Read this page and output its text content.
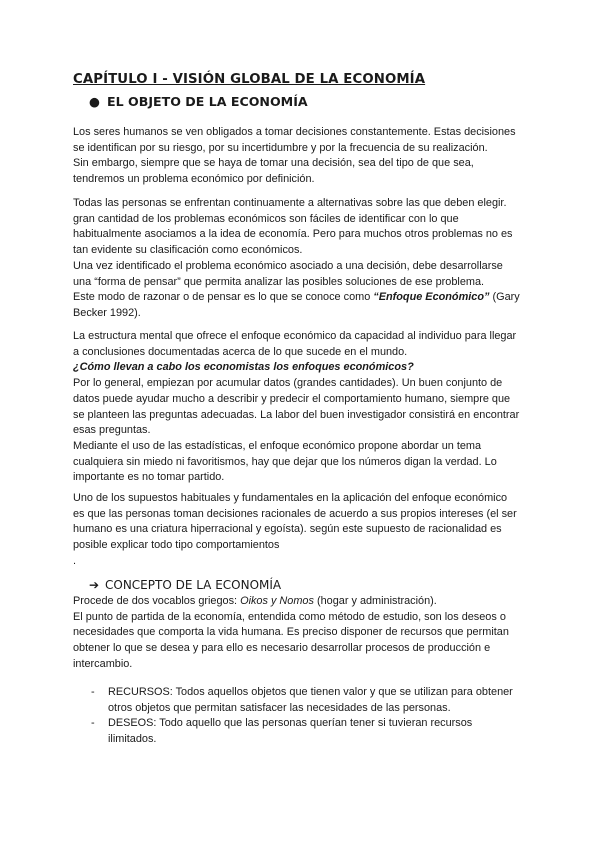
CAPÍTULO I - VISIÓN GLOBAL DE LA ECONOMÍA
● EL OBJETO DE LA ECONOMÍA
Los seres humanos se ven obligados a tomar decisiones constantemente. Estas decisiones
se identifican por su riesgo, por su incertidumbre y por la frecuencia de su realización.
Sin embargo, siempre que se haya de tomar una decisión, sea del tipo de que sea,
tendremos un problema económico por definición.
Todas las personas se enfrentan continuamente a alternativas sobre las que deben elegir.
gran cantidad de los problemas económicos son fáciles de identificar con lo que
habitualmente asociamos a la idea de economía. Pero para muchos otros problemas no es
tan evidente su clasificación como económicos.
Una vez identificado el problema económico asociado a una decisión, debe desarrollarse
una “forma de pensar” que permita analizar las posibles soluciones de ese problema.
Este modo de razonar o de pensar es lo que se conoce como “Enfoque Económico” (Gary
Becker 1992).
La estructura mental que ofrece el enfoque económico da capacidad al individuo para llegar
a conclusiones documentadas acerca de lo que sucede en el mundo.
¿Cómo llevan a cabo los economistas los enfoques económicos?
Por lo general, empiezan por acumular datos (grandes cantidades). Un buen conjunto de
datos puede ayudar mucho a describir y predecir el comportamiento humano, siempre que
se planteen las preguntas adecuadas. La labor del buen investigador consistirá en encontrar
esas preguntas.
Mediante el uso de las estadísticas, el enfoque económico propone abordar un tema
cualquiera sin miedo ni favoritismos, hay que dejar que los números digan la verdad. Lo
importante es no tomar partido.
Uno de los supuestos habituales y fundamentales en la aplicación del enfoque económico
es que las personas toman decisiones racionales de acuerdo a sus propios intereses (el ser
humano es una criatura hiperracional y egoísta). según este supuesto de racionalidad es
posible explicar todo tipo comportamientos
.
➔ CONCEPTO DE LA ECONOMÍA
Procede de dos vocablos griegos: Oikos y Nomos (hogar y administración).
El punto de partida de la economía, entendida como método de estudio, son los deseos o
necesidades que comporta la vida humana. Es preciso disponer de recursos que permitan
obtener lo que se desea y para ello es necesario desarrollar procesos de producción e
intercambio.
- RECURSOS: Todos aquellos objetos que tienen valor y que se utilizan para obtener
otros objetos que permitan satisfacer las necesidades de las personas.
- DESEOS: Todo aquello que las personas querían tener si tuvieran recursos
ilimitados.
